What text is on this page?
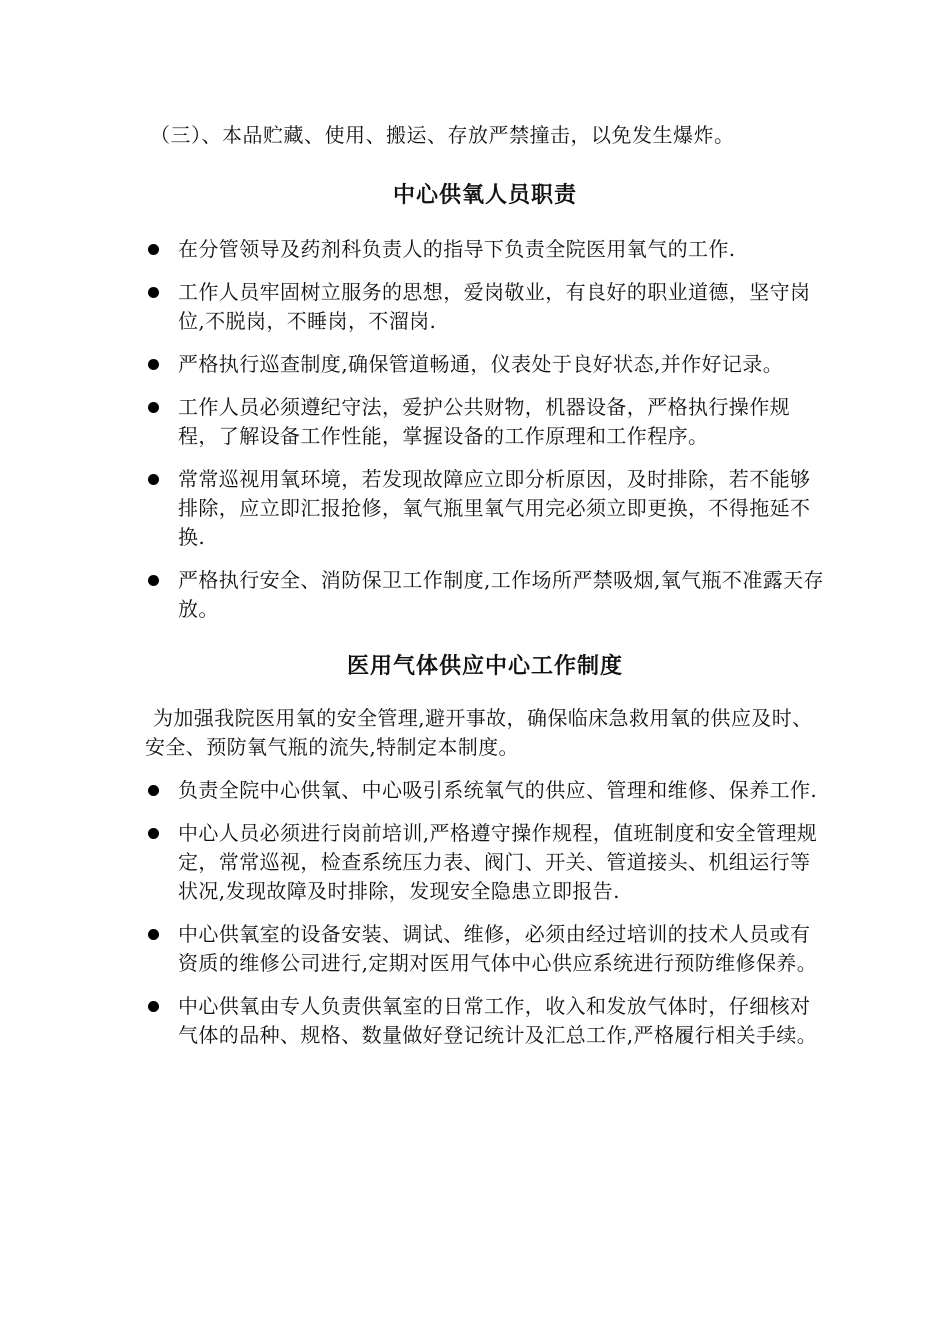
（三）、本品贮藏、使用、搬运、存放严禁撞击，以免发生爆炸。

中心供氧人员职责
在分管领导及药剂科负责人的指导下负责全院医用氧气的工作.
工作人员牢固树立服务的思想，爱岗敬业，有良好的职业道德，坚守岗位,不脱岗，不睡岗，不溜岗.
严格执行巡查制度,确保管道畅通，仪表处于良好状态,并作好记录。
工作人员必须遵纪守法，爱护公共财物，机器设备，严格执行操作规程，了解设备工作性能，掌握设备的工作原理和工作程序。
常常巡视用氧环境，若发现故障应立即分析原因，及时排除，若不能够排除，应立即汇报抢修，氧气瓶里氧气用完必须立即更换，不得拖延不换.
严格执行安全、消防保卫工作制度,工作场所严禁吸烟,氧气瓶不准露天存放。
医用气体供应中心工作制度

为加强我院医用氧的安全管理,避开事故，确保临床急救用氧的供应及时、安全、预防氧气瓶的流失,特制定本制度。

负责全院中心供氧、中心吸引系统氧气的供应、管理和维修、保养工作.
中心人员必须进行岗前培训,严格遵守操作规程，值班制度和安全管理规定，常常巡视，检查系统压力表、阀门、开关、管道接头、机组运行等状况,发现故障及时排除，发现安全隐患立即报告.
中心供氧室的设备安装、调试、维修，必须由经过培训的技术人员或有资质的维修公司进行,定期对医用气体中心供应系统进行预防维修保养。
中心供氧由专人负责供氧室的日常工作，收入和发放气体时，仔细核对气体的品种、规格、数量做好登记统计及汇总工作,严格履行相关手续。
